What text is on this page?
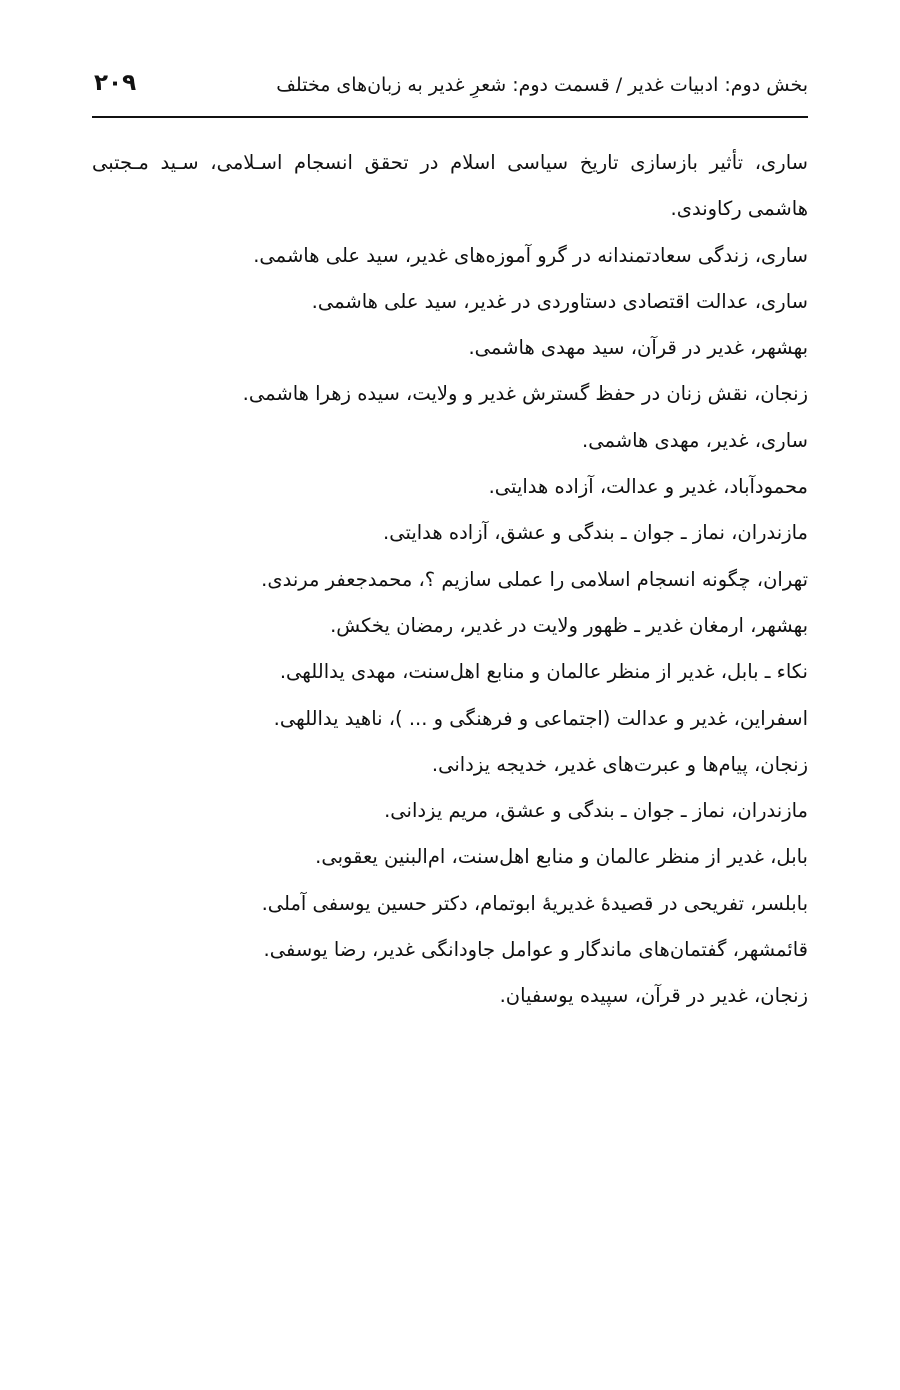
بخش دوم: ادبیات غدیر / قسمت دوم: شعرِ غدیر به زبان‌های مختلف
۲۰۹
ساری، تأثیر بازسازی تاریخ سیاسی اسلام در تحقق انسجام اسـلامی، سـید مـجتبی هاشمی رکاوندی.
ساری، زندگی سعادتمندانه در گرو آموزه‌های غدیر، سید علی هاشمی.
ساری، عدالت اقتصادی دستاوردی در غدیر، سید علی هاشمی.
بهشهر، غدیر در قرآن، سید مهدی هاشمی.
زنجان، نقش زنان در حفظ گسترش غدیر و ولایت، سیده زهرا هاشمی.
ساری، غدیر، مهدی هاشمی.
محمودآباد، غدیر و عدالت، آزاده هدایتی.
مازندران، نماز ـ جوان ـ بندگی و عشق، آزاده هدایتی.
تهران، چگونه انسجام اسلامی را عملی سازیم ؟، محمدجعفر مرندی.
بهشهر، ارمغان غدیر ـ ظهور ولایت در غدیر، رمضان یخکش.
نکاء ـ بابل، غدیر از منظر عالمان و منابع اهل‌سنت، مهدی یداللهی.
اسفراین، غدیر و عدالت (اجتماعی و فرهنگی و ... )، ناهید یداللهی.
زنجان، پیام‌ها و عبرت‌های غدیر، خدیجه یزدانی.
مازندران، نماز ـ جوان ـ بندگی و عشق، مریم یزدانی.
بابل، غدیر از منظر عالمان و منابع اهل‌سنت، ام‌البنین یعقوبی.
بابلسر، تفریحی در قصیدهٔ غدیریهٔ ابوتمام، دکتر حسین یوسفی آملی.
قائمشهر، گفتمان‌های ماندگار و عوامل جاودانگی غدیر، رضا یوسفی.
زنجان، غدیر در قرآن، سپیده یوسفیان.
